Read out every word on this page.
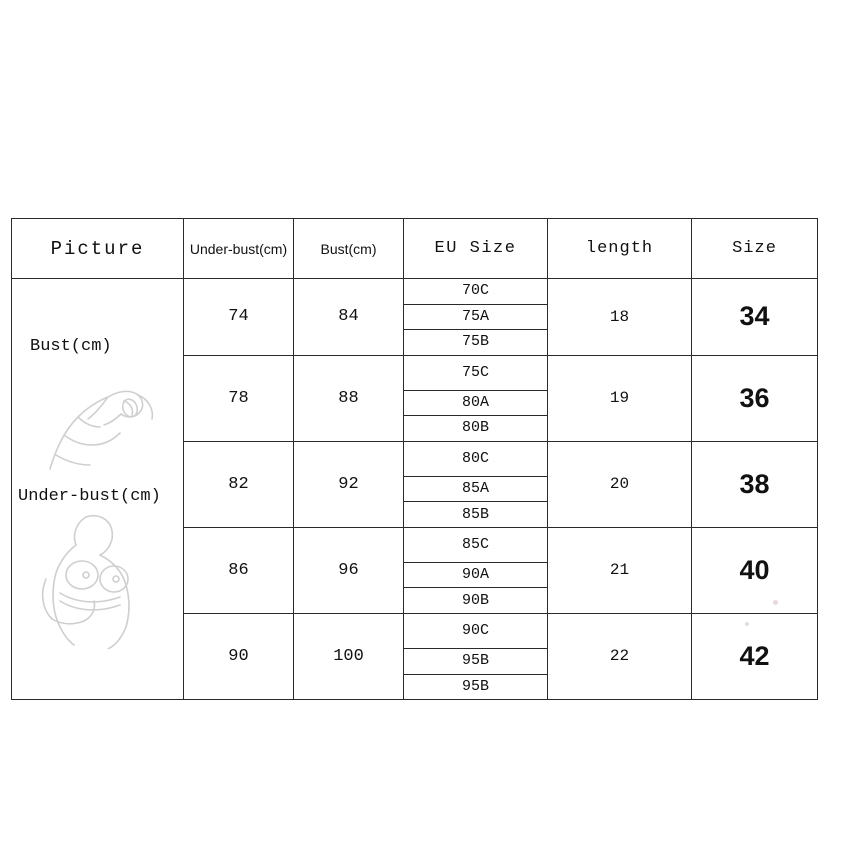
Picture	Under-bust(cm)	Bust(cm)	EU Size	length	Size

Bust(cm)
Under-bust(cm)	74	84	70C	18	34
			75A		
			75B		
	78	88	75C	19	36
			80A		
			80B		
	82	92	80C	20	38
			85A		
			85B		
	86	96	85C	21	40
			90A		
			90B		
	90	100	90C	22	42
			95B		
			95B		
